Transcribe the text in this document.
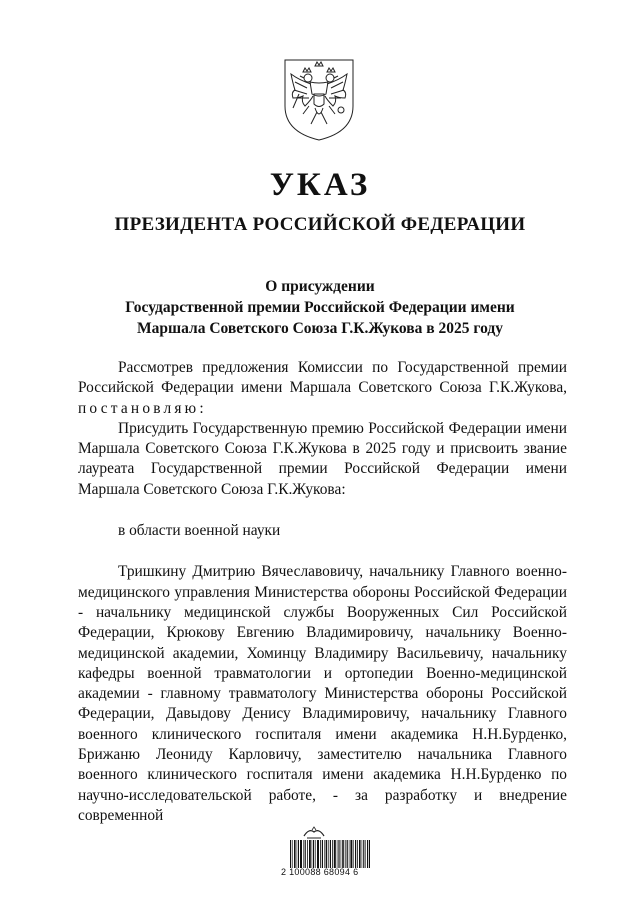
УКАЗ
ПРЕЗИДЕНТА РОССИЙСКОЙ ФЕДЕРАЦИИ
О присуждении
Государственной премии Российской Федерации имени
Маршала Советского Союза Г.К.Жукова в 2025 году

Рассмотрев предложения Комиссии по Государственной премии Российской Федерации имени Маршала Советского Союза Г.К.Жукова, постановляю:

Присудить Государственную премию Российской Федерации имени Маршала Советского Союза Г.К.Жукова в 2025 году и присвоить звание лауреата Государственной премии Российской Федерации имени Маршала Советского Союза Г.К.Жукова:

в области военной науки

Тришкину Дмитрию Вячеславовичу, начальнику Главного военно-медицинского управления Министерства обороны Российской Федерации - начальнику медицинской службы Вооруженных Сил Российской Федерации, Крюкову Евгению Владимировичу, начальнику Военно-медицинской академии, Хоминцу Владимиру Васильевичу, начальнику кафедры военной травматологии и ортопедии Военно-медицинской академии - главному травматологу Министерства обороны Российской Федерации, Давыдову Денису Владимировичу, начальнику Главного военного клинического госпиталя имени академика Н.Н.Бурденко, Брижаню Леониду Карловичу, заместителю начальника Главного военного клинического госпиталя имени академика Н.Н.Бурденко по научно-исследовательской работе, - за разработку и внедрение современной

2 100088 68094 6
